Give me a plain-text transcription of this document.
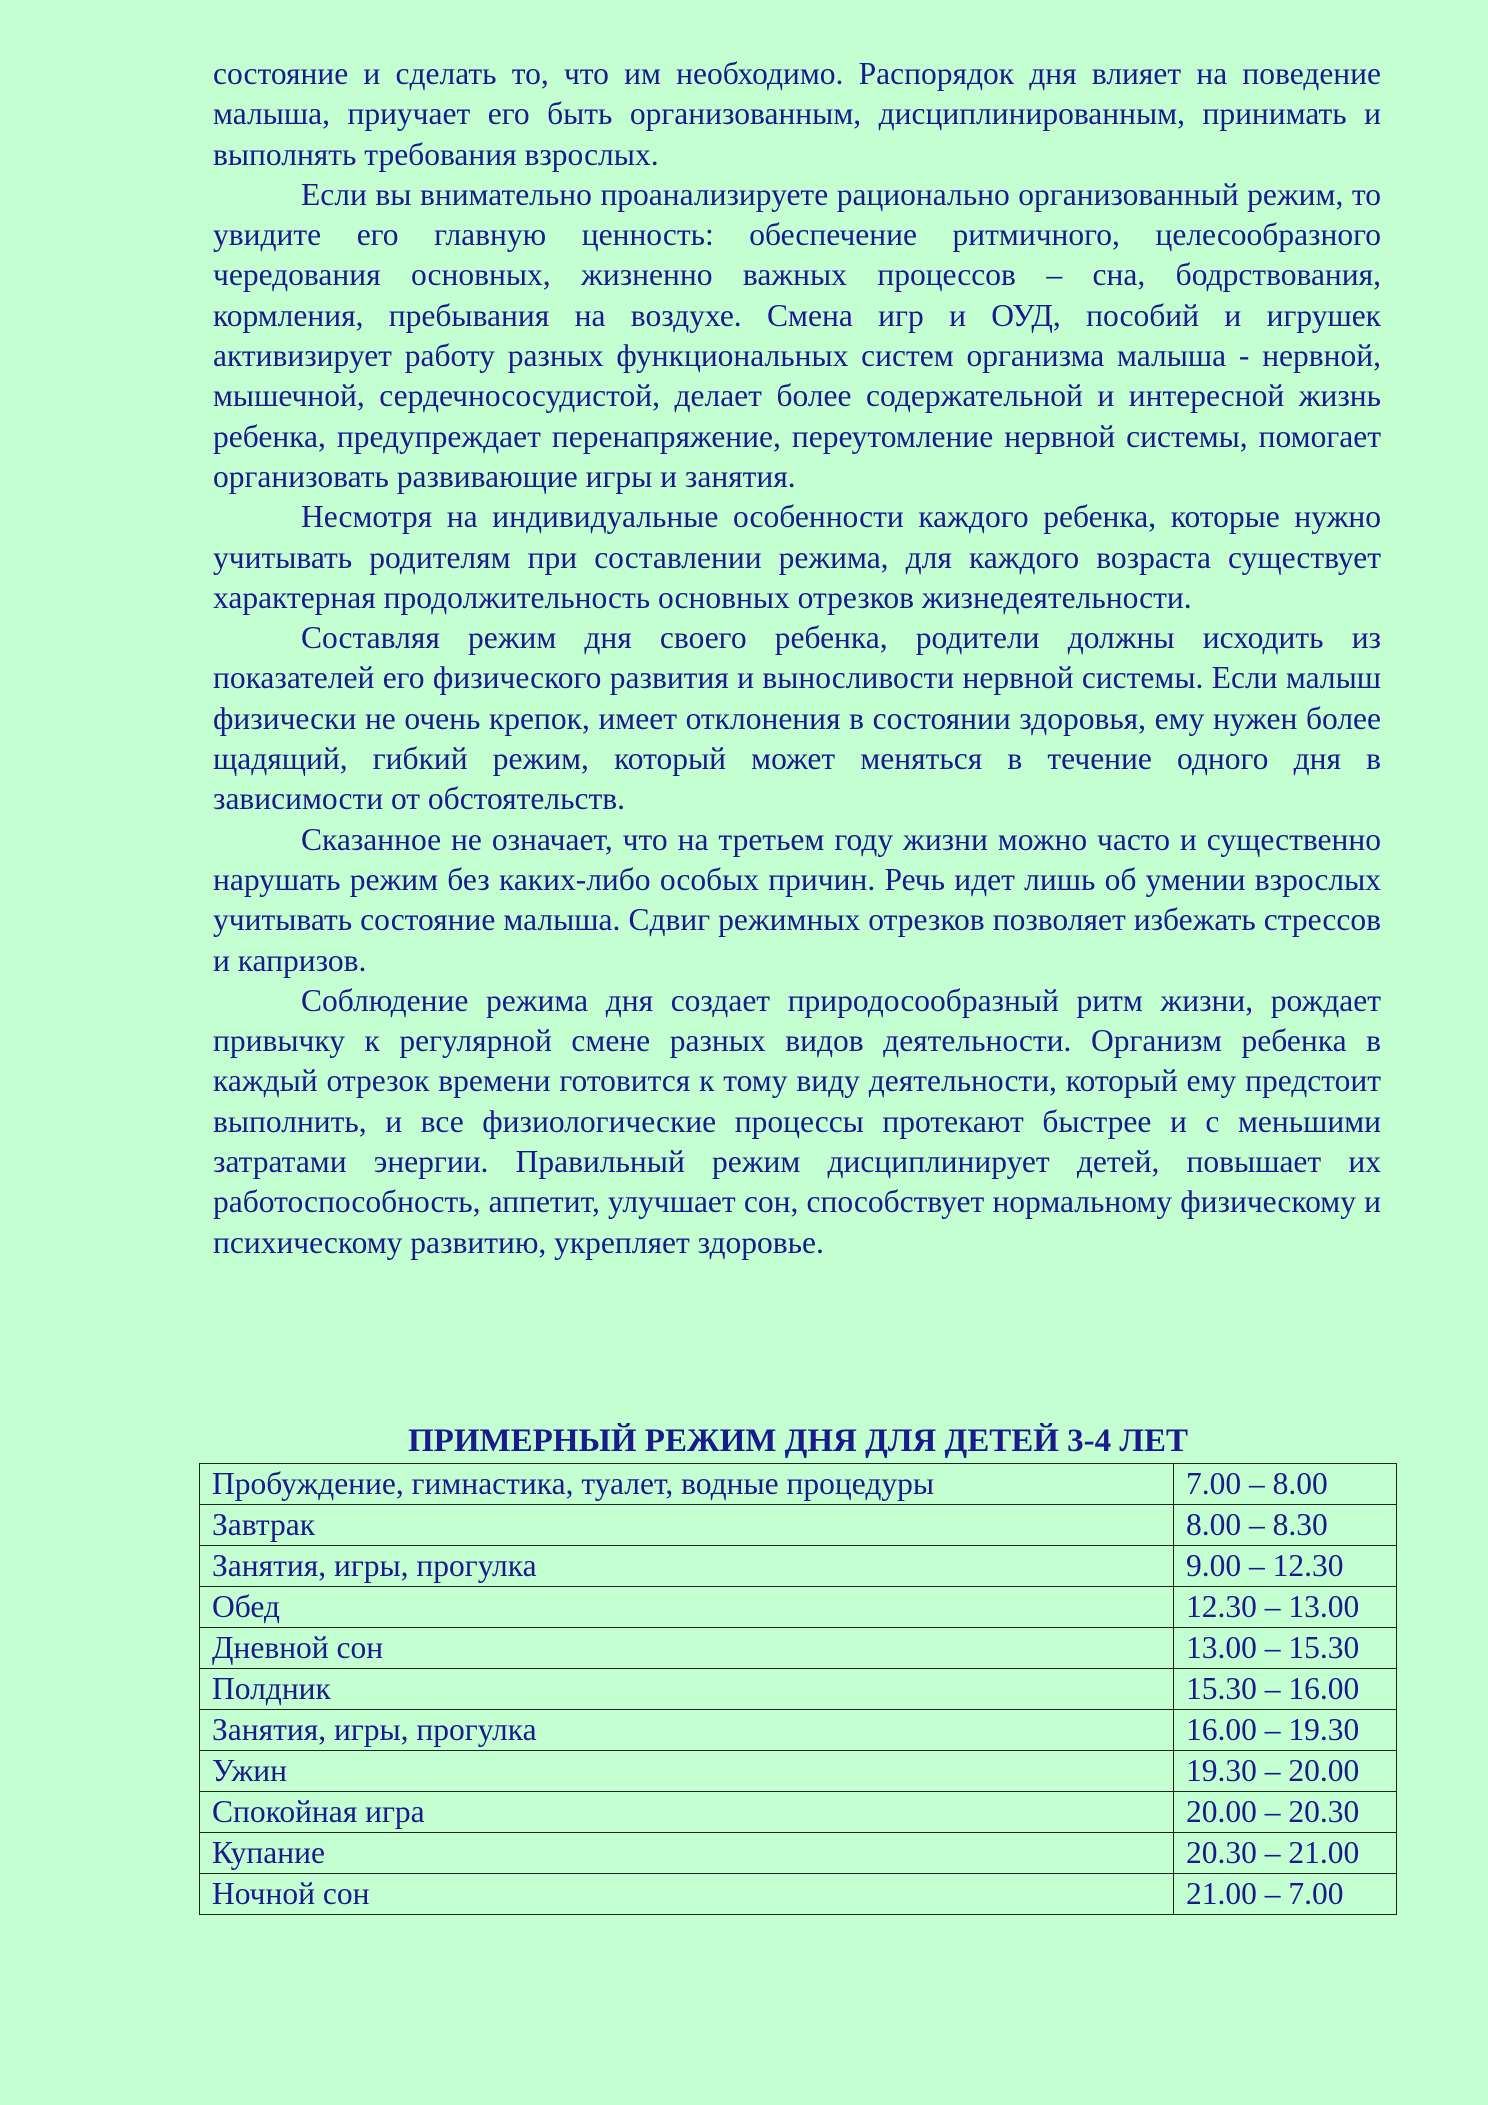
состояние и сделать то, что им необходимо. Распорядок дня влияет на поведение малыша, приучает его быть организованным, дисциплинированным, принимать и выполнять требования взрослых.

Если вы внимательно проанализируете рационально организованный режим, то увидите его главную ценность: обеспечение ритмичного, целесообразного чередования основных, жизненно важных процессов – сна, бодрствования, кормления, пребывания на воздухе. Смена игр и ОУД, пособий и игрушек активизирует работу разных функциональных систем организма малыша - нервной, мышечной, сердечнососудистой, делает более содержательной и интересной жизнь ребенка, предупреждает перенапряжение, переутомление нервной системы, помогает организовать развивающие игры и занятия.

Несмотря на индивидуальные особенности каждого ребенка, которые нужно учитывать родителям при составлении режима, для каждого возраста существует характерная продолжительность основных отрезков жизнедеятельности.

Составляя режим дня своего ребенка, родители должны исходить из показателей его физического развития и выносливости нервной системы. Если малыш физически не очень крепок, имеет отклонения в состоянии здоровья, ему нужен более щадящий, гибкий режим, который может меняться в течение одного дня в зависимости от обстоятельств.

Сказанное не означает, что на третьем году жизни можно часто и существенно нарушать режим без каких-либо особых причин. Речь идет лишь об умении взрослых учитывать состояние малыша. Сдвиг режимных отрезков позволяет избежать стрессов и капризов.

Соблюдение режима дня создает природосообразный ритм жизни, рождает привычку к регулярной смене разных видов деятельности. Организм ребенка в каждый отрезок времени готовится к тому виду деятельности, который ему предстоит выполнить, и все физиологические процессы протекают быстрее и с меньшими затратами энергии. Правильный режим дисциплинирует детей, повышает их работоспособность, аппетит, улучшает сон, способствует нормальному физическому и психическому развитию, укрепляет здоровье.

ПРИМЕРНЫЙ РЕЖИМ ДНЯ ДЛЯ ДЕТЕЙ 3-4 ЛЕТ
Пробуждение, гимнастика, туалет, водные процедуры	7.00 – 8.00
Завтрак	8.00 – 8.30
Занятия, игры, прогулка	9.00 – 12.30
Обед	12.30 – 13.00
Дневной сон	13.00 – 15.30
Полдник	15.30 – 16.00
Занятия, игры, прогулка	16.00 – 19.30
Ужин	19.30 – 20.00
Спокойная игра	20.00 – 20.30
Купание	20.30 – 21.00
Ночной сон	21.00 – 7.00
